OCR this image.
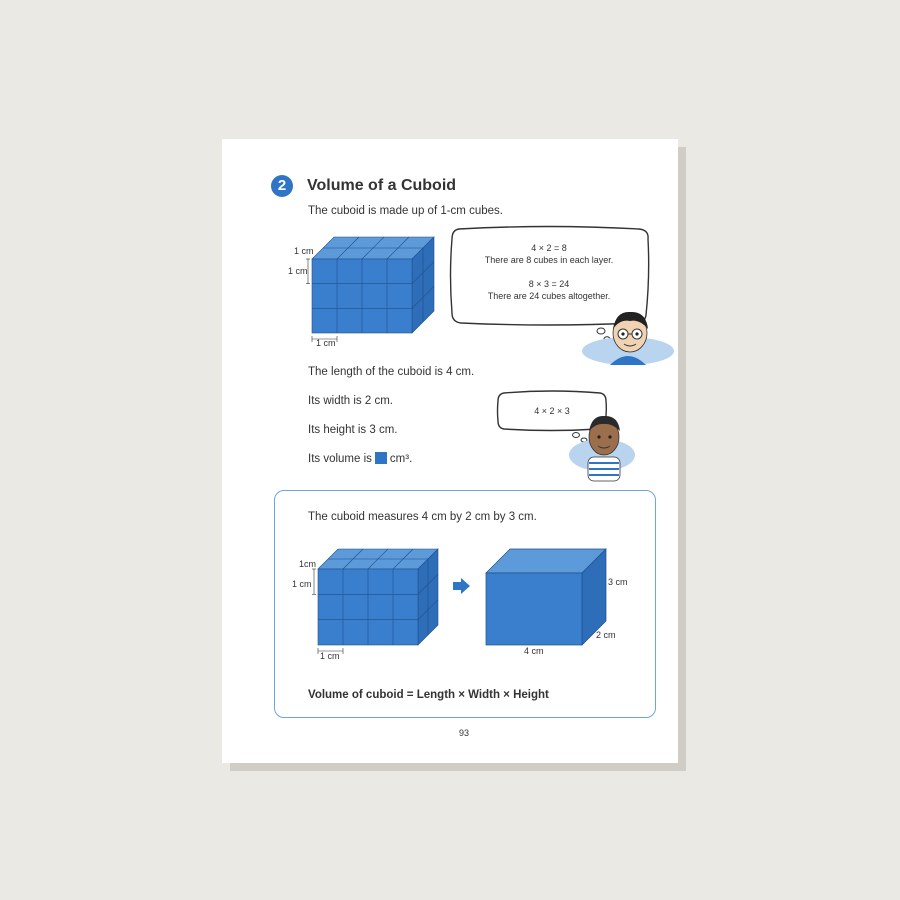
2	Volume of a Cuboid
The cuboid is made up of 1-cm cubes.
1 cm
1 cm
1 cm
4 × 2 = 8
There are 8 cubes in each layer.
8 × 3 = 24
There are 24 cubes altogether.
The length of the cuboid is 4 cm.
Its width is 2 cm.
Its height is 3 cm.
Its volume is cm³.
4 × 2 × 3
The cuboid measures 4 cm by 2 cm by 3 cm.
1cm
1 cm
1 cm
3 cm
2 cm
4 cm
Volume of cuboid = Length × Width × Height
93
